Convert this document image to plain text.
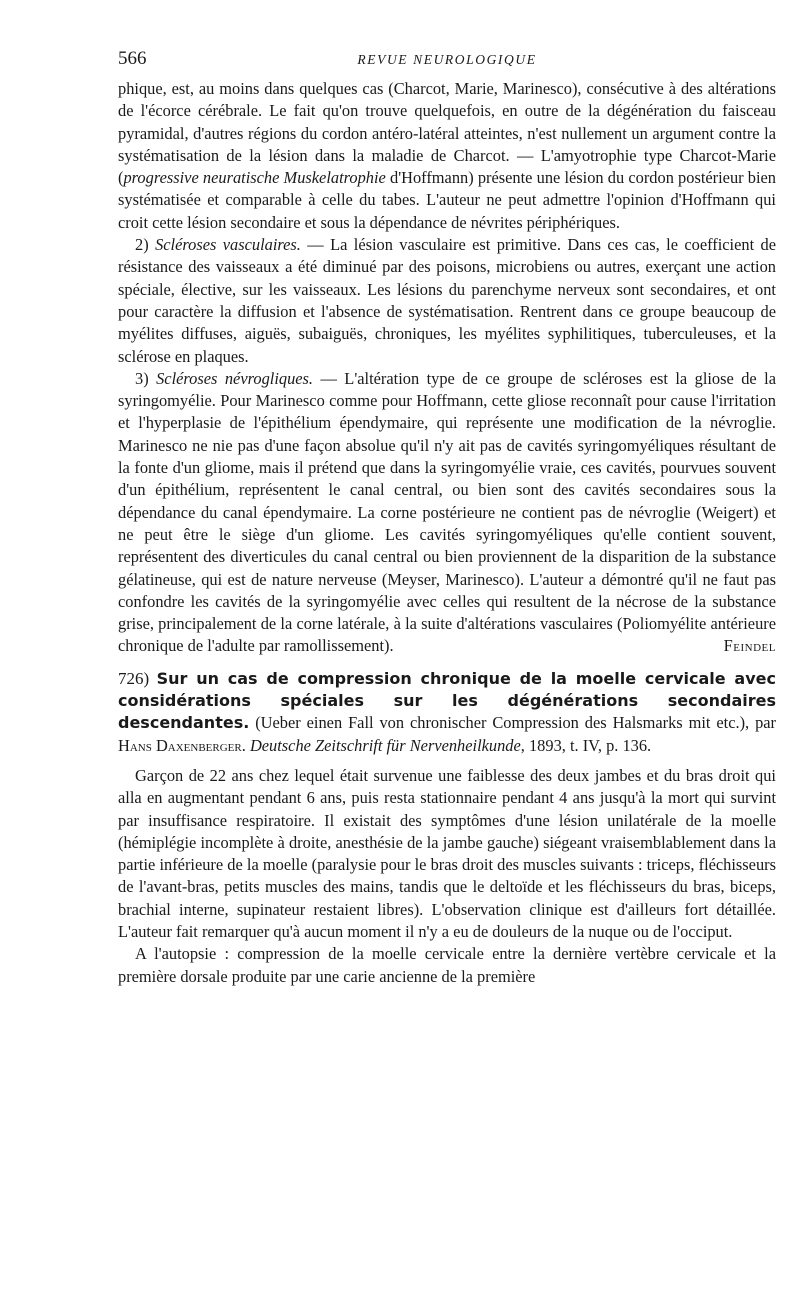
566	REVUE NEUROLOGIQUE

phique, est, au moins dans quelques cas (Charcot, Marie, Marinesco), consécutive à des altérations de l'écorce cérébrale. Le fait qu'on trouve quelquefois, en outre de la dégénération du faisceau pyramidal, d'autres régions du cordon antéro-latéral atteintes, n'est nullement un argument contre la systématisation de la lésion dans la maladie de Charcot. — L'amyotrophie type Charcot-Marie (progressive neuratische Muskelatrophie d'Hoffmann) présente une lésion du cordon postérieur bien systématisée et comparable à celle du tabes. L'auteur ne peut admettre l'opinion d'Hoffmann qui croit cette lésion secondaire et sous la dépendance de névrites périphériques.

2) Scléroses vasculaires. — La lésion vasculaire est primitive. Dans ces cas, le coefficient de résistance des vaisseaux a été diminué par des poisons, microbiens ou autres, exerçant une action spéciale, élective, sur les vaisseaux. Les lésions du parenchyme nerveux sont secondaires, et ont pour caractère la diffusion et l'absence de systématisation. Rentrent dans ce groupe beaucoup de myélites diffuses, aiguës, subaiguës, chroniques, les myélites syphilitiques, tuberculeuses, et la sclérose en plaques.

3) Scléroses névrogliques. — L'altération type de ce groupe de scléroses est la gliose de la syringomyélie. Pour Marinesco comme pour Hoffmann, cette gliose reconnaît pour cause l'irritation et l'hyperplasie de l'épithélium épendymaire, qui représente une modification de la névroglie. Marinesco ne nie pas d'une façon absolue qu'il n'y ait pas de cavités syringomyéliques résultant de la fonte d'un gliome, mais il prétend que dans la syringomyélie vraie, ces cavités, pourvues souvent d'un épithélium, représentent le canal central, ou bien sont des cavités secondaires sous la dépendance du canal épendymaire. La corne postérieure ne contient pas de névroglie (Weigert) et ne peut être le siège d'un gliome. Les cavités syringomyéliques qu'elle contient souvent, représentent des diverticules du canal central ou bien proviennent de la disparition de la substance gélatineuse, qui est de nature nerveuse (Meyser, Marinesco). L'auteur a démontré qu'il ne faut pas confondre les cavités de la syringomyélie avec celles qui resultent de la nécrose de la substance grise, principalement de la corne latérale, à la suite d'altérations vasculaires (Poliomyélite antérieure chronique de l'adulte par ramollissement).	Feindel

726) Sur un cas de compression chronique de la moelle cervicale avec considérations spéciales sur les dégénérations secondaires descendantes. (Ueber einen Fall von chronischer Compression des Halsmarks mit etc.), par Hans Daxenberger. Deutsche Zeitschrift für Nervenheilkunde, 1893, t. IV, p. 136.

Garçon de 22 ans chez lequel était survenue une faiblesse des deux jambes et du bras droit qui alla en augmentant pendant 6 ans, puis resta stationnaire pendant 4 ans jusqu'à la mort qui survint par insuffisance respiratoire. Il existait des symptômes d'une lésion unilatérale de la moelle (hémiplégie incomplète à droite, anesthésie de la jambe gauche) siégeant vraisemblablement dans la partie inférieure de la moelle (paralysie pour le bras droit des muscles suivants : triceps, fléchisseurs de l'avant-bras, petits muscles des mains, tandis que le deltoïde et les fléchisseurs du bras, biceps, brachial interne, supinateur restaient libres). L'observation clinique est d'ailleurs fort détaillée. L'auteur fait remarquer qu'à aucun moment il n'y a eu de douleurs de la nuque ou de l'occiput.

A l'autopsie : compression de la moelle cervicale entre la dernière vertèbre cervicale et la première dorsale produite par une carie ancienne de la première
